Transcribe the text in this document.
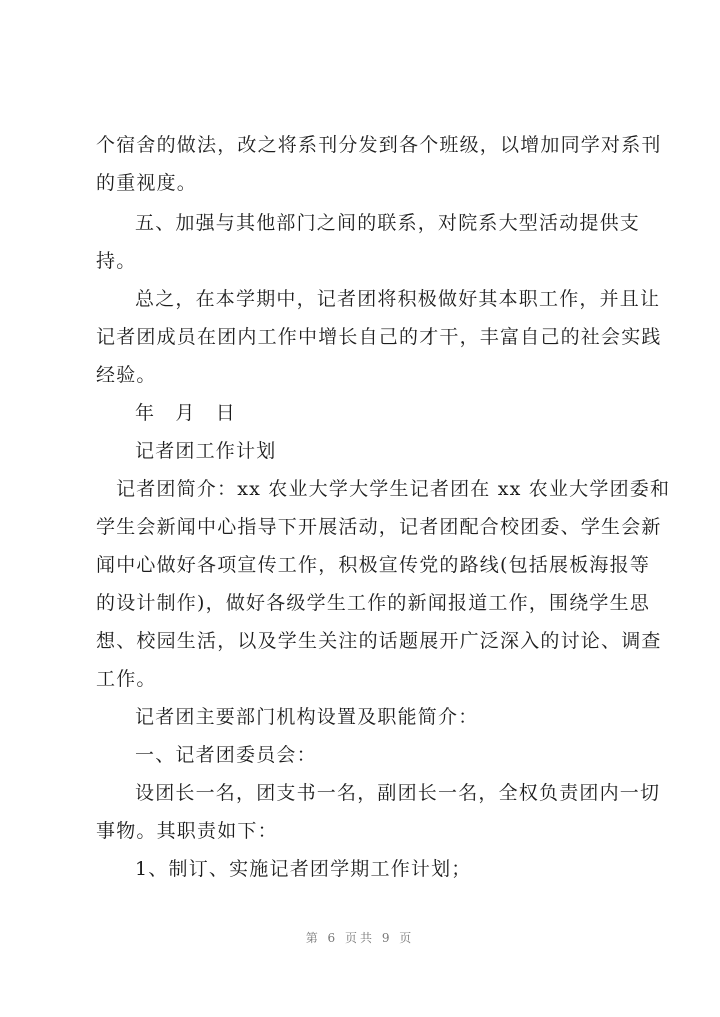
个宿舍的做法，改之将系刊分发到各个班级，以增加同学对系刊
的重视度。
五、加强与其他部门之间的联系，对院系大型活动提供支
持。
总之，在本学期中，记者团将积极做好其本职工作，并且让
记者团成员在团内工作中增长自己的才干，丰富自己的社会实践
经验。
年　月　日
记者团工作计划
记者团简介：xx 农业大学大学生记者团在 xx 农业大学团委和
学生会新闻中心指导下开展活动，记者团配合校团委、学生会新
闻中心做好各项宣传工作，积极宣传党的路线(包括展板海报等
的设计制作)，做好各级学生工作的新闻报道工作，围绕学生思
想、校园生活，以及学生关注的话题展开广泛深入的讨论、调查
工作。
记者团主要部门机构设置及职能简介：
一、记者团委员会：
设团长一名，团支书一名，副团长一名，全权负责团内一切
事物。其职责如下：
1、制订、实施记者团学期工作计划；
第 6 页共 9 页
